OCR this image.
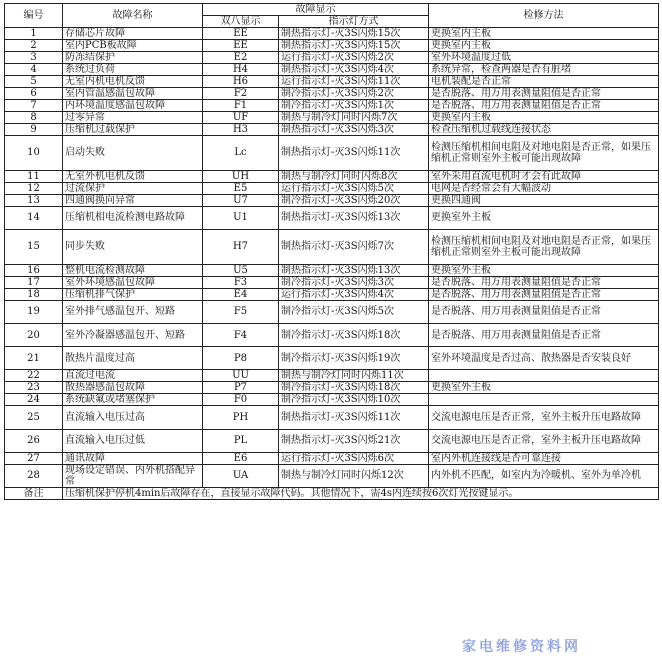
编号	故障名称	故障显示		检修方法
		双八显示	指示灯方式	
1	存储芯片故障	EE	制热指示灯-灭3S闪烁15次	更换室内主板
2	室内PCB板故障	EE	制热指示灯-灭3S闪烁15次	更换室内主板
3	防冻结保护	E2	运行指示灯-灭3S闪烁2次	室外环境温度过低
4	系统过负荷	H4	制热指示灯-灭3S闪烁4次	系统异常，检查两器是否有脏堵
5	无室内机电机反馈	H6	运行指示灯-灭3S闪烁11次	电机装配是否正常
6	室内管温感温包故障	F2	制冷指示灯-灭3S闪烁2次	是否脱落、用万用表测量阻值是否正常
7	内环境温度感温包故障	F1	制冷指示灯-灭3S闪烁1次	是否脱落、用万用表测量阻值是否正常
8	过零异常	UF	制热与制冷灯同时闪烁7次	更换室内主板
9	压缩机过载保护	H3	制热指示灯-灭3S闪烁3次	检查压缩机过载线连接状态
10	启动失败	Lc	制热指示灯-灭3S闪烁11次	检测压缩机相间电阻及对地电阻是否正常，如果压缩机正常则室外主板可能出现故障
11	无室外机电机反馈	UH	制热与制冷灯同时闪烁8次	室外采用直流电机时才会有此故障
12	过流保护	E5	运行指示灯-灭3S闪烁5次	电网是否经常会有大幅波动
13	四通阀换向异常	U7	制冷指示灯-灭3S闪烁20次	更换四通阀
14	压缩机相电流检测电路故障	U1	制热指示灯-灭3S闪烁13次	更换室外主板
15	同步失败	H7	制热指示灯-灭3S闪烁7次	检测压缩机相间电阻及对地电阻是否正常，如果压缩机正常则室外主板可能出现故障
16	整机电流检测故障	U5	制热指示灯-灭3S闪烁13次	更换室外主板
17	室外环境感温包故障	F3	制冷指示灯-灭3S闪烁3次	是否脱落、用万用表测量阻值是否正常
18	压缩机排气保护	E4	运行指示灯-灭3S闪烁4次	是否脱落、用万用表测量阻值是否正常
19	室外排气感温包开、短路	F5	制冷指示灯-灭3S闪烁5次	是否脱落、用万用表测量阻值是否正常
20	室外冷凝器感温包开、短路	F4	制冷指示灯-灭3S闪烁18次	是否脱落、用万用表测量阻值是否正常
21	散热片温度过高	P8	制冷指示灯-灭3S闪烁19次	室外环境温度是否过高、散热器是否安装良好
22	直流过电流	UU	制热与制冷灯同时闪烁11次	
23	散热器感温包故障	P7	制冷指示灯-灭3S闪烁18次	更换室外主板
24	系统缺氟或堵塞保护	F0	制冷指示灯-灭3S闪烁10次	
25	直流输入电压过高	PH	制热指示灯-灭3S闪烁11次	交流电源电压是否正常，室外主板升压电路故障
26	直流输入电压过低	PL	制热指示灯-灭3S闪烁21次	交流电源电压是否正常，室外主板升压电路故障
27	通讯故障	E6	运行指示灯-灭3S闪烁6次	室内外机连接线是否可靠连接
28	现场设定错误、内外机搭配异常	UA	制热与制冷灯同时闪烁12次	内外机不匹配，如室内为冷暖机、室外为单冷机
备注	压缩机保护停机4min后故障存在，直接显示故障代码。其他情况下，需4s内连续按6次灯光按键显示。			
家电维修资料网
